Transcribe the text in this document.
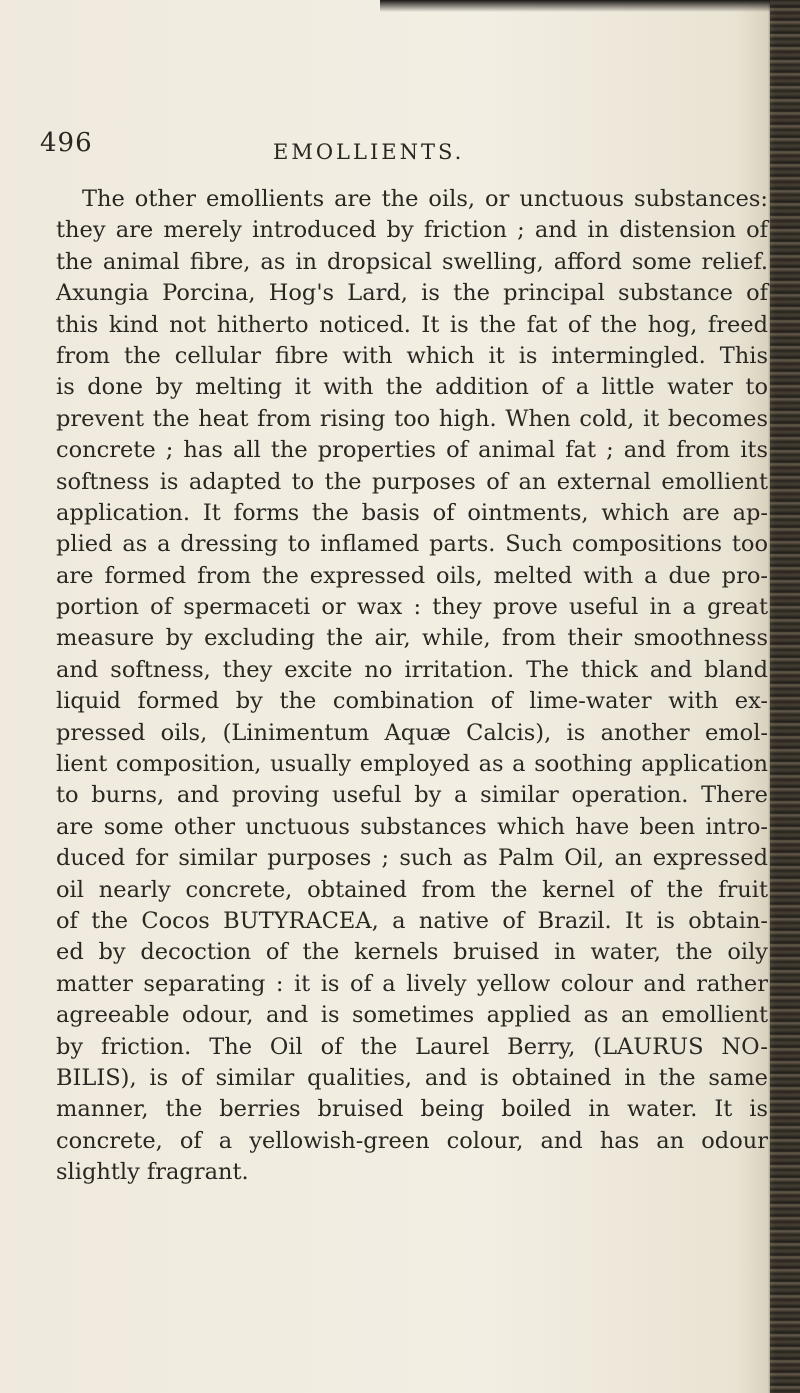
496	EMOLLIENTS.
The other emollients are the oils, or unctuous substances:
they are merely introduced by friction ; and in distension of
the animal fibre, as in dropsical swelling, afford some relief.
Axungia Porcina, Hog's Lard, is the principal substance of
this kind not hitherto noticed. It is the fat of the hog, freed
from the cellular fibre with which it is intermingled. This
is done by melting it with the addition of a little water to
prevent the heat from rising too high. When cold, it becomes
concrete ; has all the properties of animal fat ; and from its
softness is adapted to the purposes of an external emollient
application. It forms the basis of ointments, which are ap-
plied as a dressing to inflamed parts. Such compositions too
are formed from the expressed oils, melted with a due pro-
portion of spermaceti or wax : they prove useful in a great
measure by excluding the air, while, from their smoothness
and softness, they excite no irritation. The thick and bland
liquid formed by the combination of lime-water with ex-
pressed oils, (Linimentum Aquæ Calcis), is another emol-
lient composition, usually employed as a soothing application
to burns, and proving useful by a similar operation. There
are some other unctuous substances which have been intro-
duced for similar purposes ; such as Palm Oil, an expressed
oil nearly concrete, obtained from the kernel of the fruit
of the Cocos BUTYRACEA, a native of Brazil. It is obtain-
ed by decoction of the kernels bruised in water, the oily
matter separating : it is of a lively yellow colour and rather
agreeable odour, and is sometimes applied as an emollient
by friction. The Oil of the Laurel Berry, (LAURUS NO-
BILIS), is of similar qualities, and is obtained in the same
manner, the berries bruised being boiled in water. It is
concrete, of a yellowish-green colour, and has an odour
slightly fragrant.
